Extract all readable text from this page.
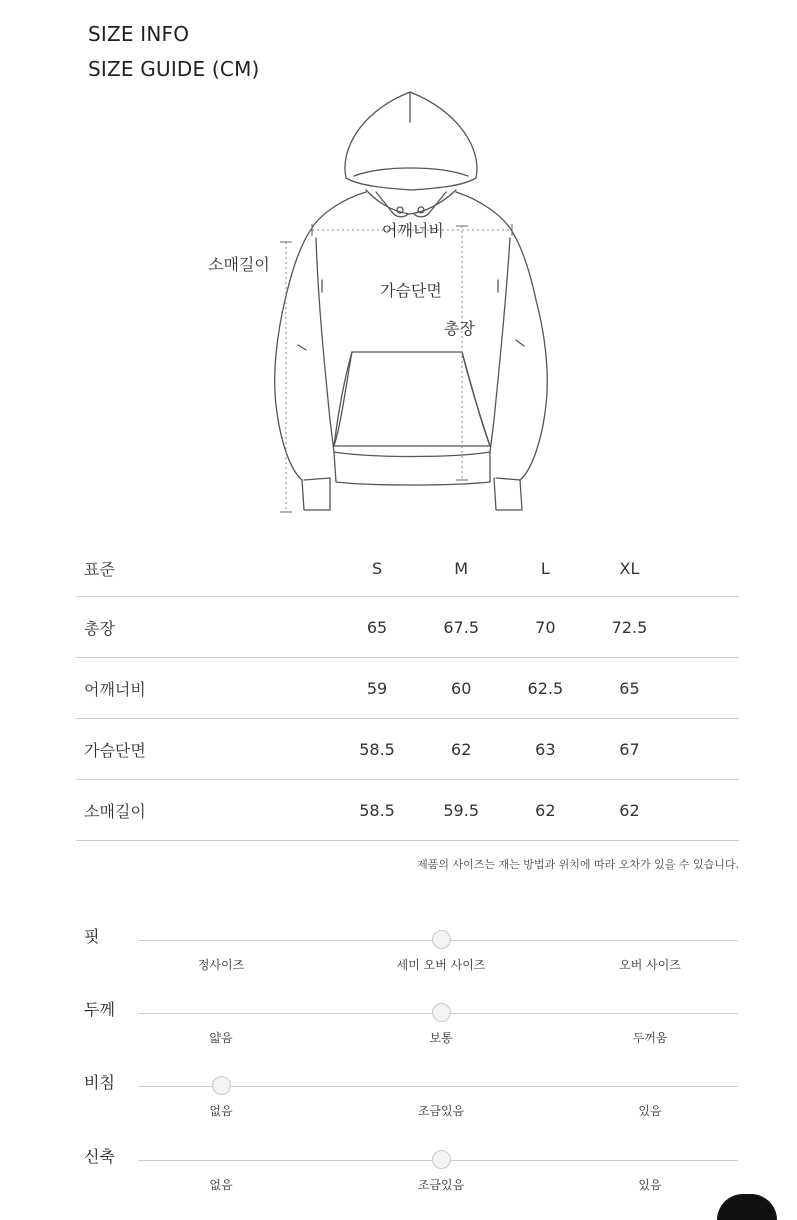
SIZE INFO
SIZE GUIDE (CM)
어깨너비
가슴단면
총장
소매길이
표준	S	M	L	XL	
총장	65	67.5	70	72.5	
어깨너비	59	60	62.5	65	
가슴단면	58.5	62	63	67	
소매길이	58.5	59.5	62	62	
제품의 사이즈는 재는 방법과 위치에 따라 오차가 있을 수 있습니다.
핏
정사이즈	세미 오버 사이즈	오버 사이즈
두께
얇음	보통	두꺼움
비침
없음	조금있음	있음
신축
없음	조금있음	있음
